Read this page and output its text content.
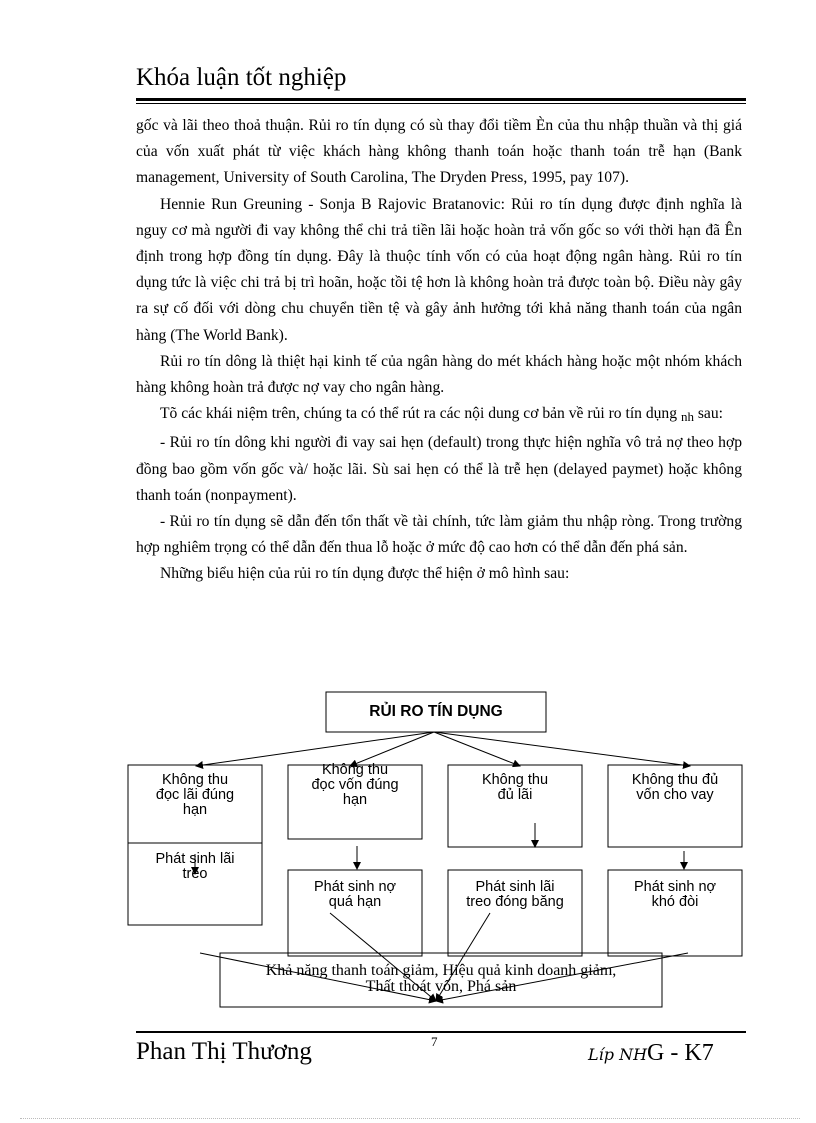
Khóa luận tốt nghiệp

gốc và lãi theo thoả thuận. Rủi ro tín dụng có sù thay đổi tiềm Èn của thu nhập thuần và thị giá của vốn xuất phát từ việc khách hàng không thanh toán hoặc thanh toán trễ hạn (Bank management, University of South Carolina, The Dryden Press, 1995, pay 107).

Hennie Run Greuning - Sonja B Rajovic Bratanovic: Rủi ro tín dụng được định nghĩa là nguy cơ mà người đi vay không thể chi trả tiền lãi hoặc hoàn trả vốn gốc so với thời hạn đã Ên định trong hợp đồng tín dụng. Đây là thuộc tính vốn có của hoạt động ngân hàng. Rủi ro tín dụng tức là việc chi trả bị trì hoãn, hoặc tồi tệ hơn là không hoàn trả được toàn bộ. Điều này gây ra sự cố đối với dòng chu chuyển tiền tệ và gây ảnh hưởng tới khả năng thanh toán của ngân hàng (The World Bank).

Rủi ro tín dông là thiệt hại kinh tế của ngân hàng do mét khách hàng hoặc một nhóm khách hàng không hoàn trả được nợ vay cho ngân hàng.

Tõ các khái niệm trên, chúng ta có thể rút ra các nội dung cơ bản về rủi ro tín dụng $_{nh}$ sau:

- Rủi ro tín dông khi người đi vay sai hẹn (default) trong thực hiện nghĩa vô trả nợ theo hợp đồng bao gồm vốn gốc và/ hoặc lãi. Sù sai hẹn có thể là trễ hẹn (delayed paymet) hoặc không thanh toán (nonpayment).

- Rủi ro tín dụng sẽ dẫn đến tổn thất về tài chính, tức làm giảm thu nhập ròng. Trong trường hợp nghiêm trọng có thể dẫn đến thua lỗ hoặc ở mức độ cao hơn có thể dẫn đến phá sản.

Những biểu hiện của rủi ro tín dụng được thể hiện ở mô hình sau:

RỦI RO TÍN DỤNG
Không thu
đọc lãi đúng
hạn
Không thu
đọc vốn đúng
hạn
Không thu
đủ lãi
Không thu đủ
vốn cho vay
Phát sinh lãi
treo
Phát sinh nợ
quá hạn
Phát sinh lãi
treo đóng băng
Phát sinh nợ
khó đòi
Khả năng thanh toán giảm, Hiệu quả kinh doanh giảm,
Thất thoát vốn, Phá sản
Phan Thị Thương	7
Líp NHG - K7
